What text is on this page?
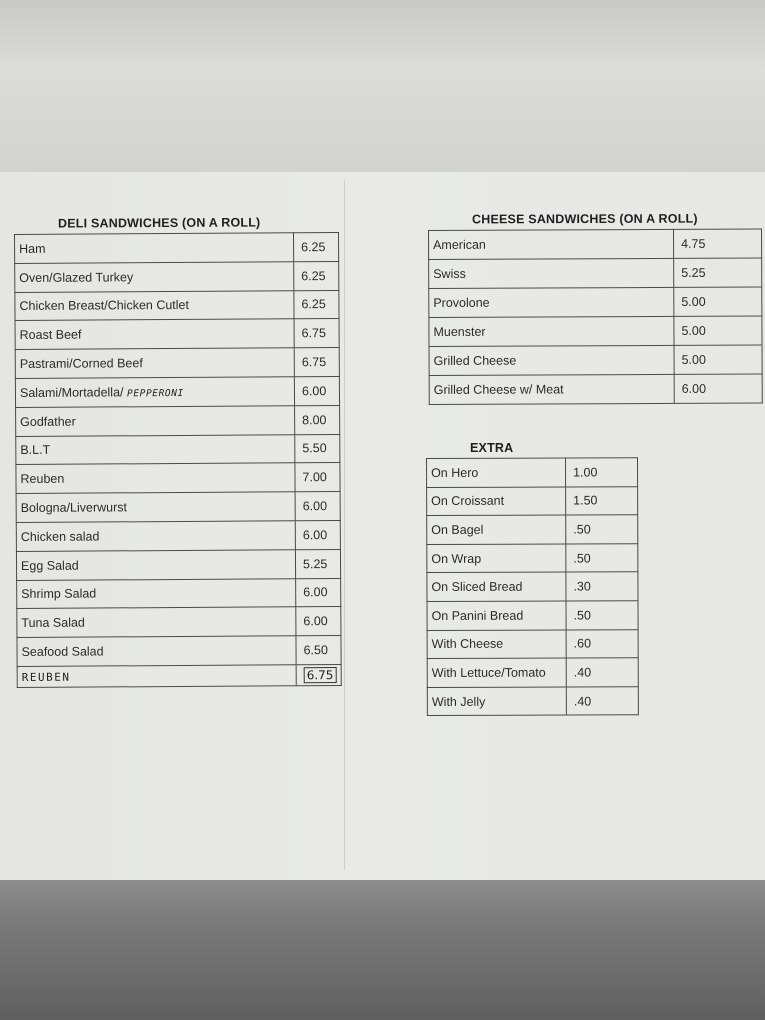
DELI SANDWICHES (ON A ROLL)
Ham	6.25
Oven/Glazed Turkey	6.25
Chicken Breast/Chicken Cutlet	6.25
Roast Beef	6.75
Pastrami/Corned Beef	6.75
Salami/Mortadella/ PEPPERONI	6.00
Godfather	8.00
B.L.T	5.50
Reuben	7.00
Bologna/Liverwurst	6.00
Chicken salad	6.00
Egg Salad	5.25
Shrimp Salad	6.00
Tuna Salad	6.00
Seafood Salad	6.50
REUBEN	6.75
CHEESE SANDWICHES (ON A ROLL)
American	4.75
Swiss	5.25
Provolone	5.00
Muenster	5.00
Grilled Cheese	5.00
Grilled Cheese w/ Meat	6.00
EXTRA
On Hero	1.00
On Croissant	1.50
On Bagel	.50
On Wrap	.50
On Sliced Bread	.30
On Panini Bread	.50
With Cheese	.60
With Lettuce/Tomato	.40
With Jelly	.40
